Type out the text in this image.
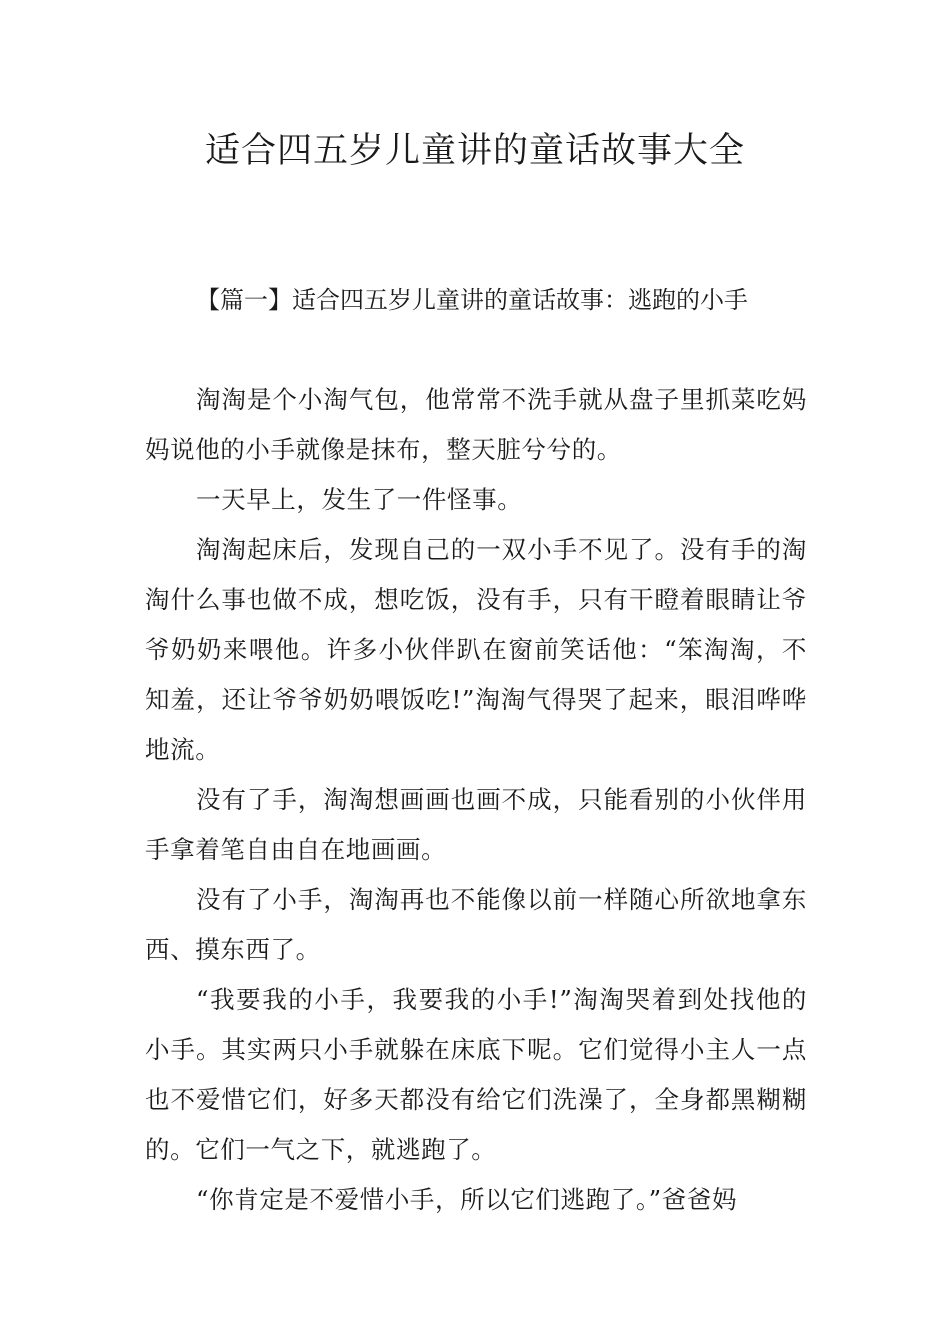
适合四五岁儿童讲的童话故事大全
【篇一】适合四五岁儿童讲的童话故事：逃跑的小手

淘淘是个小淘气包，他常常不洗手就从盘子里抓菜吃妈妈说他的小手就像是抹布，整天脏兮兮的。

一天早上，发生了一件怪事。

淘淘起床后，发现自己的一双小手不见了。没有手的淘淘什么事也做不成，想吃饭，没有手，只有干瞪着眼睛让爷爷奶奶来喂他。许多小伙伴趴在窗前笑话他：“笨淘淘，不知羞，还让爷爷奶奶喂饭吃!”淘淘气得哭了起来，眼泪哗哗地流。

没有了手，淘淘想画画也画不成，只能看别的小伙伴用手拿着笔自由自在地画画。

没有了小手，淘淘再也不能像以前一样随心所欲地拿东西、摸东西了。

“我要我的小手，我要我的小手!”淘淘哭着到处找他的小手。其实两只小手就躲在床底下呢。它们觉得小主人一点也不爱惜它们，好多天都没有给它们洗澡了，全身都黑糊糊的。它们一气之下，就逃跑了。

“你肯定是不爱惜小手，所以它们逃跑了。”爸爸妈
